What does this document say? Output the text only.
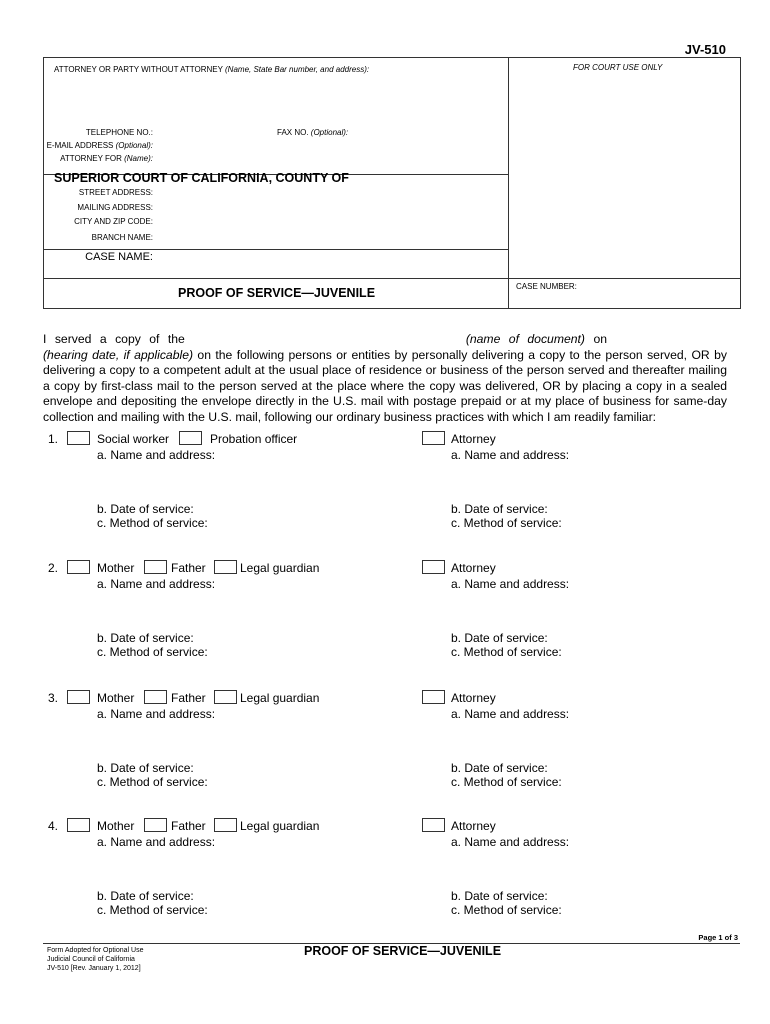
JV-510
ATTORNEY OR PARTY WITHOUT ATTORNEY (Name, State Bar number, and address):	FOR COURT USE ONLY
TELEPHONE NO.:	FAX NO. (Optional):
E-MAIL ADDRESS (Optional):
ATTORNEY FOR (Name):
SUPERIOR COURT OF CALIFORNIA, COUNTY OF
STREET ADDRESS:
MAILING ADDRESS:
CITY AND ZIP CODE:
BRANCH NAME:
CASE NAME:
PROOF OF SERVICE—JUVENILE	CASE NUMBER:
I served a copy of the	(name of document) on(hearing date, if applicable) on the following persons or entities by personally delivering a copy to the person served, OR by delivering a copy to a competent adult at the usual place of residence or business of the person served and thereafter mailing a copy by first-class mail to the person served at the place where the copy was delivered, OR by placing a copy in a sealed envelope and depositing the envelope directly in the U.S. mail with postage prepaid or at my place of business for same-day collection and mailing with the U.S. mail, following our ordinary business practices with which I am readily familiar:
1.	Social worker	Probation officer	Attorney
a. Name and address:
b. Date of service:
c. Method of service:
a. Name and address:
b. Date of service:
c. Method of service:
2.	Mother	Father	Legal guardian	Attorney
a. Name and address:
b. Date of service:
c. Method of service:
a. Name and address:
b. Date of service:
c. Method of service:
3.	Mother	Father	Legal guardian	Attorney
a. Name and address:
b. Date of service:
c. Method of service:
a. Name and address:
b. Date of service:
c. Method of service:
4.	Mother	Father	Legal guardian	Attorney
a. Name and address:
b. Date of service:
c. Method of service:
a. Name and address:
b. Date of service:
c. Method of service:
Page 1 of 3
Form Adopted for Optional Use
Judicial Council of California
JV-510 [Rev. January 1, 2012]
PROOF OF SERVICE—JUVENILE
